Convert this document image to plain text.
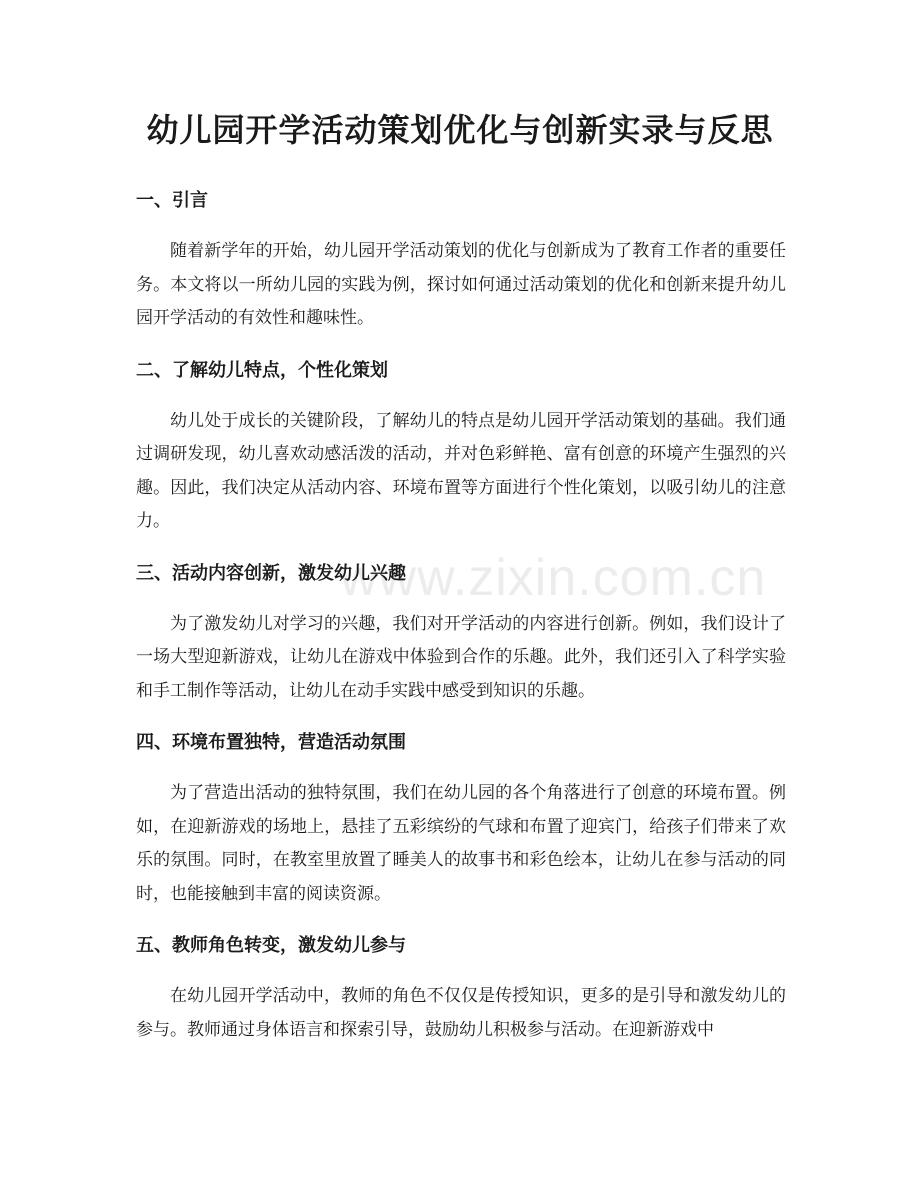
幼儿园开学活动策划优化与创新实录与反思
www.zixin.com.cn
一、引言

随着新学年的开始，幼儿园开学活动策划的优化与创新成为了教育工作者的重要任务。本文将以一所幼儿园的实践为例，探讨如何通过活动策划的优化和创新来提升幼儿园开学活动的有效性和趣味性。

二、了解幼儿特点，个性化策划

幼儿处于成长的关键阶段，了解幼儿的特点是幼儿园开学活动策划的基础。我们通过调研发现，幼儿喜欢动感活泼的活动，并对色彩鲜艳、富有创意的环境产生强烈的兴趣。因此，我们决定从活动内容、环境布置等方面进行个性化策划，以吸引幼儿的注意力。

三、活动内容创新，激发幼儿兴趣

为了激发幼儿对学习的兴趣，我们对开学活动的内容进行创新。例如，我们设计了一场大型迎新游戏，让幼儿在游戏中体验到合作的乐趣。此外，我们还引入了科学实验和手工制作等活动，让幼儿在动手实践中感受到知识的乐趣。

四、环境布置独特，营造活动氛围

为了营造出活动的独特氛围，我们在幼儿园的各个角落进行了创意的环境布置。例如，在迎新游戏的场地上，悬挂了五彩缤纷的气球和布置了迎宾门，给孩子们带来了欢乐的氛围。同时，在教室里放置了睡美人的故事书和彩色绘本，让幼儿在参与活动的同时，也能接触到丰富的阅读资源。

五、教师角色转变，激发幼儿参与

在幼儿园开学活动中，教师的角色不仅仅是传授知识，更多的是引导和激发幼儿的参与。教师通过身体语言和探索引导，鼓励幼儿积极参与活动。在迎新游戏中
